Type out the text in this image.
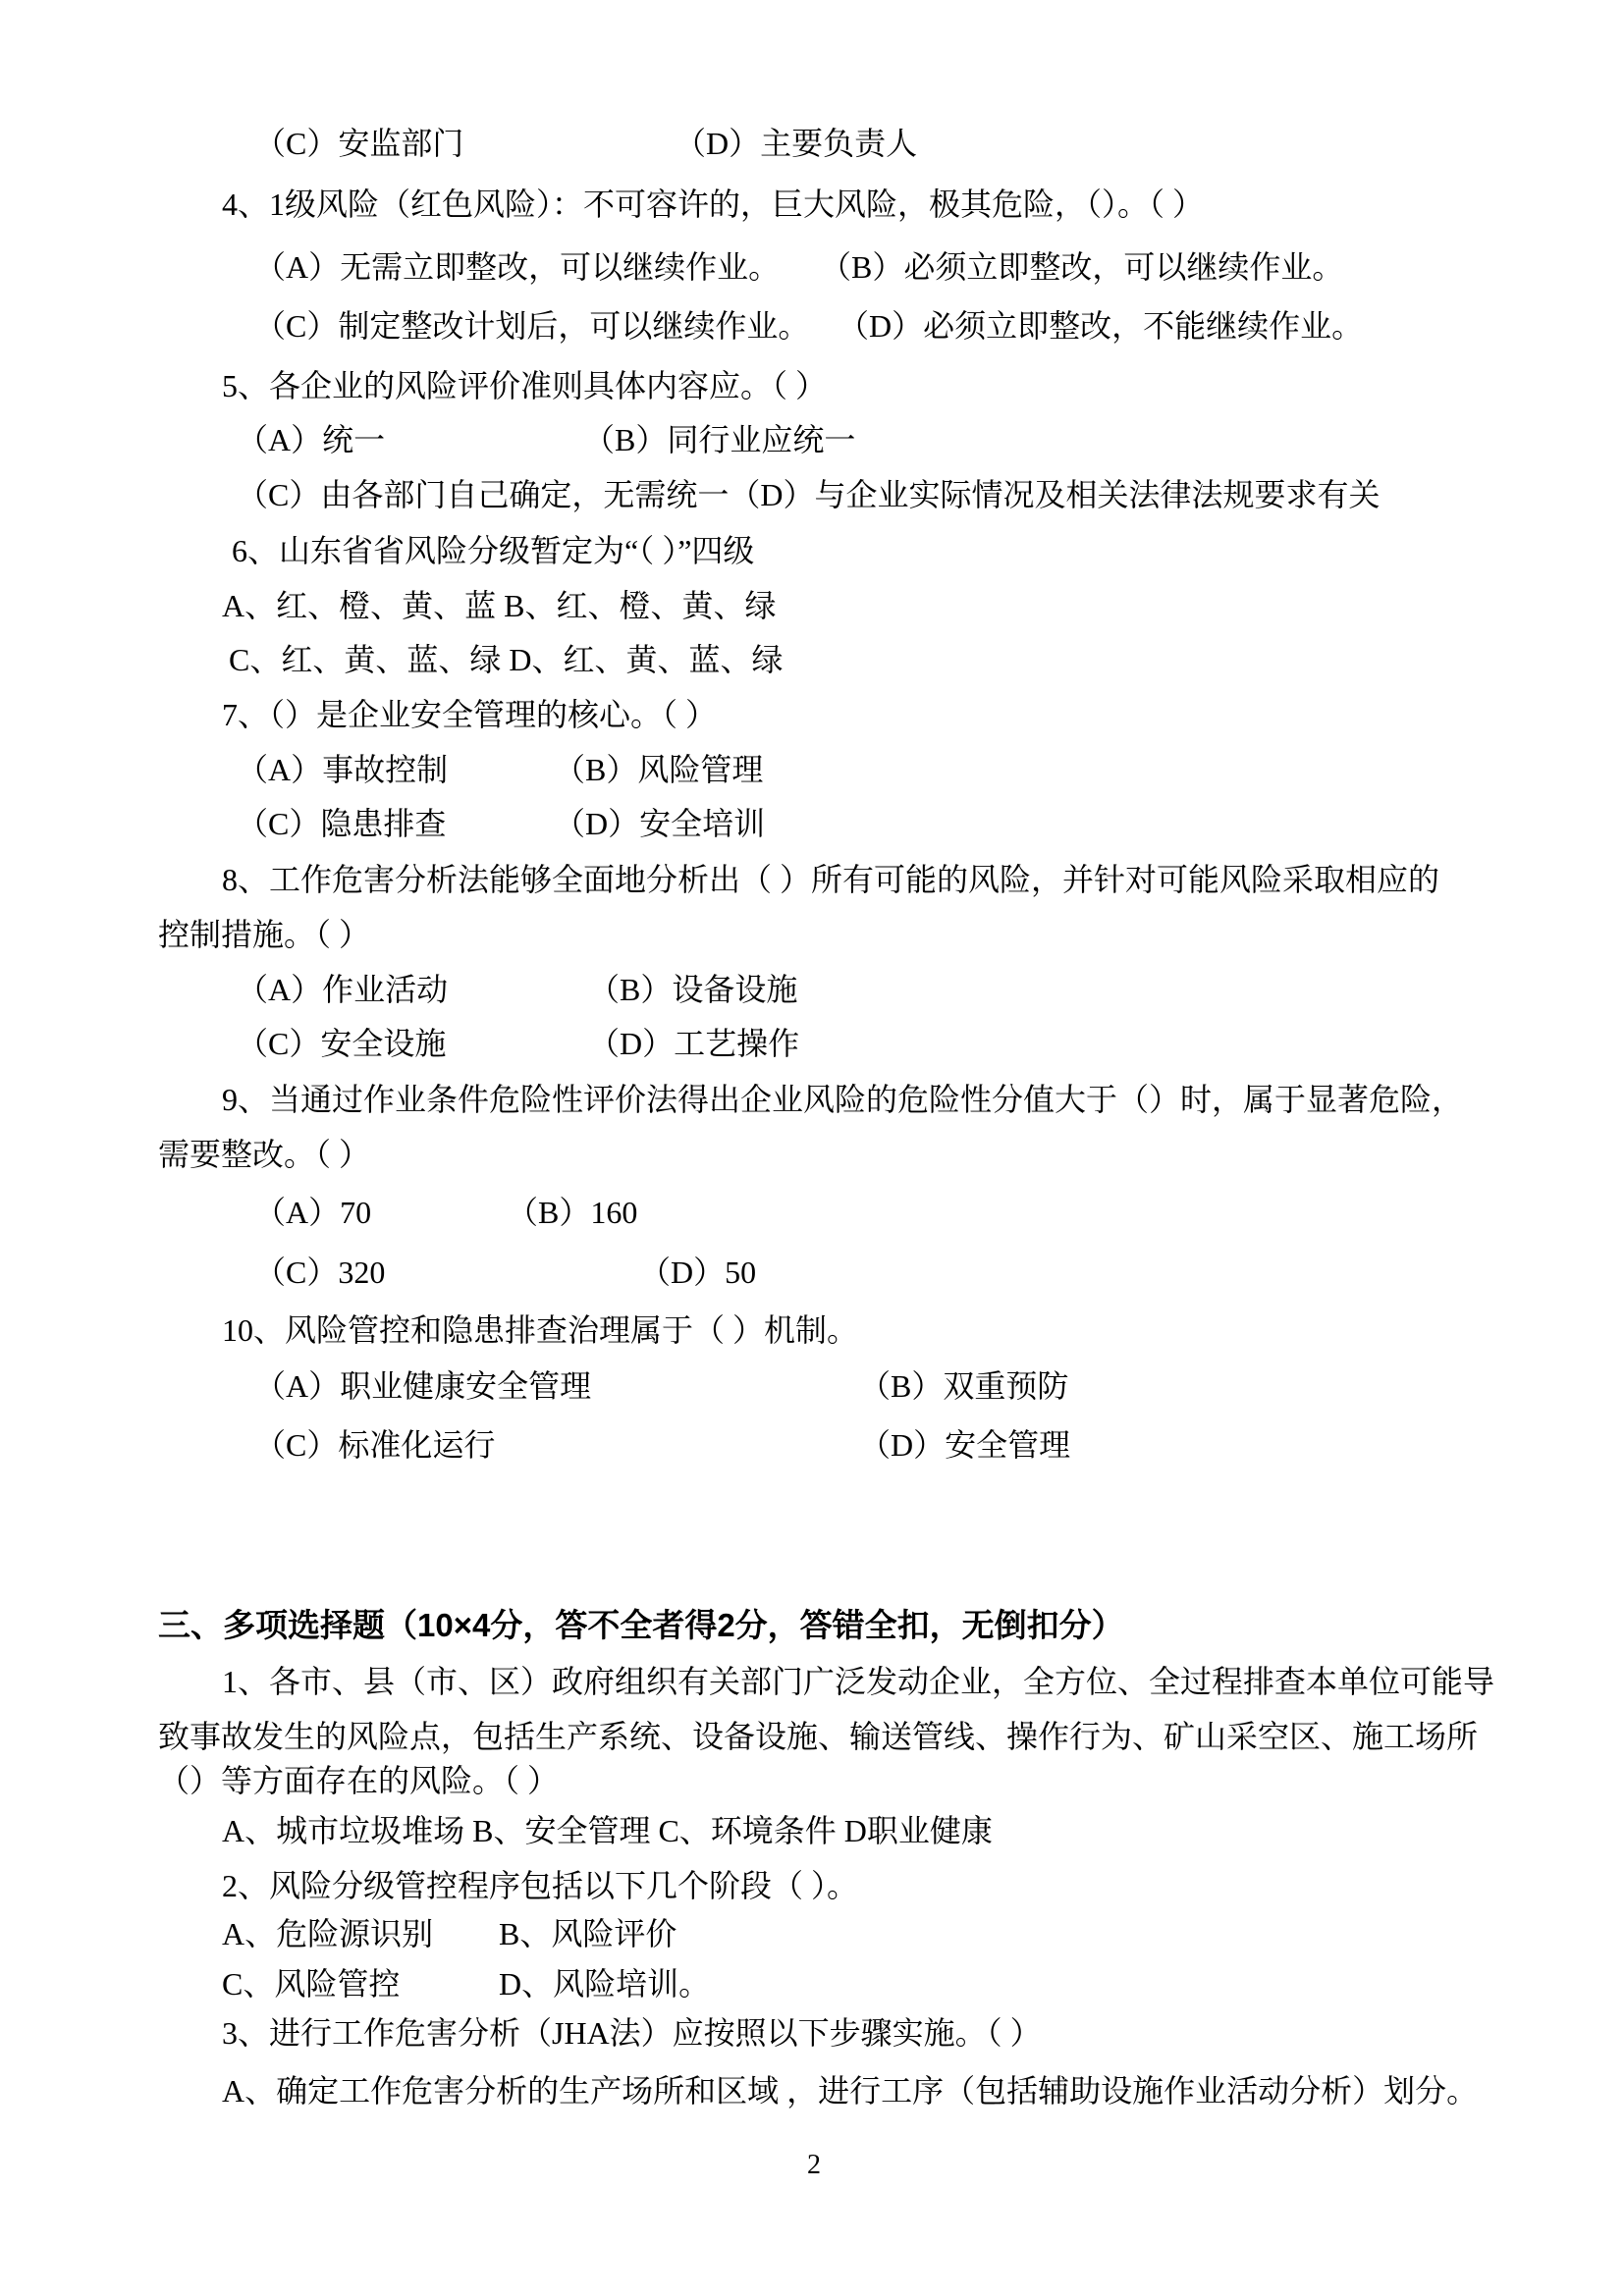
（C）安监部门	（D）主要负责人
4、1级风险（红色风险）：不可容许的，巨大风险，极其危险，（）。（ ）
（A）无需立即整改，可以继续作业。 （B）必须立即整改，可以继续作业。
（C）制定整改计划后，可以继续作业。 （D）必须立即整改，不能继续作业。
5、各企业的风险评价准则具体内容应。（ ）
（A）统一	（B）同行业应统一
（C）由各部门自己确定，无需统一（D）与企业实际情况及相关法律法规要求有关
6、山东省省风险分级暂定为“（ ）”四级
A、红、橙、黄、蓝 B、红、橙、黄、绿
C、红、黄、蓝、绿 D、红、黄、蓝、绿
7、（）是企业安全管理的核心。（ ）
（A）事故控制	（B）风险管理
（C）隐患排查	（D）安全培训
8、工作危害分析法能够全面地分析出（ ）所有可能的风险，并针对可能风险采取相应的
控制措施。（ ）
（A）作业活动	（B）设备设施
（C）安全设施	（D）工艺操作
9、当通过作业条件危险性评价法得出企业风险的危险性分值大于（）时，属于显著危险，
需要整改。（ ）
（A）70	（B）160
（C）320	（D）50
10、风险管控和隐患排查治理属于（ ）机制。
（A）职业健康安全管理	（B）双重预防
（C）标准化运行	（D）安全管理
三、多项选择题（10×4分，答不全者得2分，答错全扣，无倒扣分）
1、各市、县（市、区）政府组织有关部门广泛发动企业，全方位、全过程排查本单位可能导
致事故发生的风险点，包括生产系统、设备设施、输送管线、操作行为、矿山采空区、施工场所
（）等方面存在的风险。（ ）
A、城市垃圾堆场 B、安全管理 C、环境条件 D职业健康
2、风险分级管控程序包括以下几个阶段（ ）。
A、危险源识别 B、风险评价
C、风险管控	D、风险培训。
3、进行工作危害分析（JHA法）应按照以下步骤实施。（ ）
A、确定工作危害分析的生产场所和区域 ，进行工序（包括辅助设施作业活动分析）划分。
2
